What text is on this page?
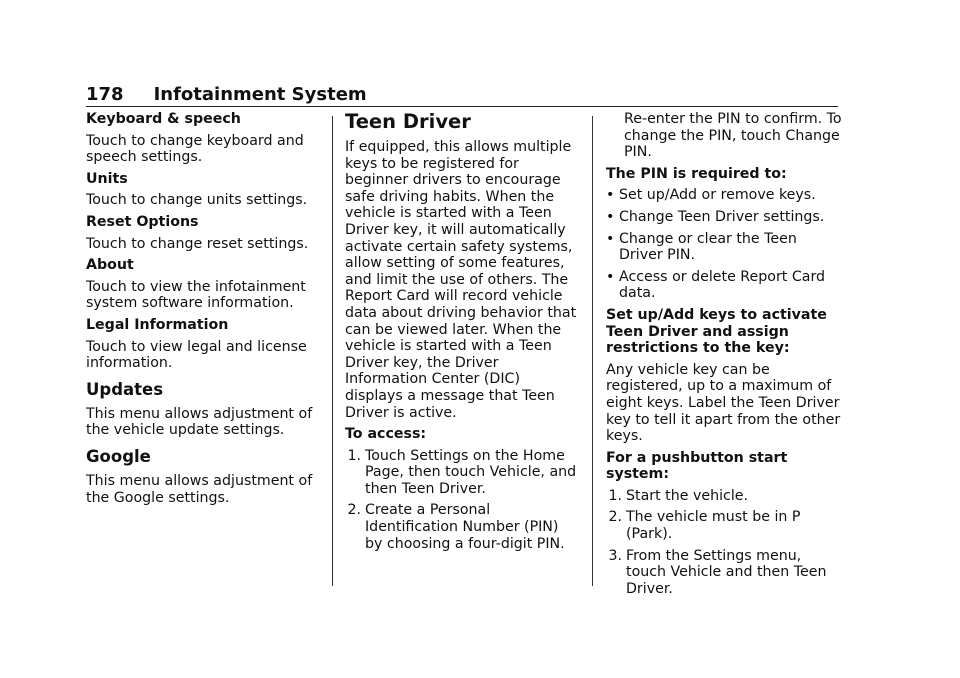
178 Infotainment System

Keyboard & speech

Touch to change keyboard and speech settings.

Units

Touch to change units settings.

Reset Options

Touch to change reset settings.

About

Touch to view the infotainment system software information.

Legal Information

Touch to view legal and license information.

Updates

This menu allows adjustment of the vehicle update settings.

Google

This menu allows adjustment of the Google settings.

Teen Driver

If equipped, this allows multiple keys to be registered for beginner drivers to encourage safe driving habits. When the vehicle is started with a Teen Driver key, it will automatically activate certain safety systems, allow setting of some features, and limit the use of others. The Report Card will record vehicle data about driving behavior that can be viewed later. When the vehicle is started with a Teen Driver key, the Driver Information Center (DIC) displays a message that Teen Driver is active.

To access:

1. Touch Settings on the Home Page, then touch Vehicle, and then Teen Driver.
2. Create a Personal Identification Number (PIN) by choosing a four-digit PIN.

Re-enter the PIN to confirm. To change the PIN, touch Change PIN.

The PIN is required to:

• Set up/Add or remove keys.
• Change Teen Driver settings.
• Change or clear the Teen Driver PIN.
• Access or delete Report Card data.

Set up/Add keys to activate Teen Driver and assign restrictions to the key:

Any vehicle key can be registered, up to a maximum of eight keys. Label the Teen Driver key to tell it apart from the other keys.

For a pushbutton start system:

1. Start the vehicle.
2. The vehicle must be in P (Park).
3. From the Settings menu, touch Vehicle and then Teen Driver.
